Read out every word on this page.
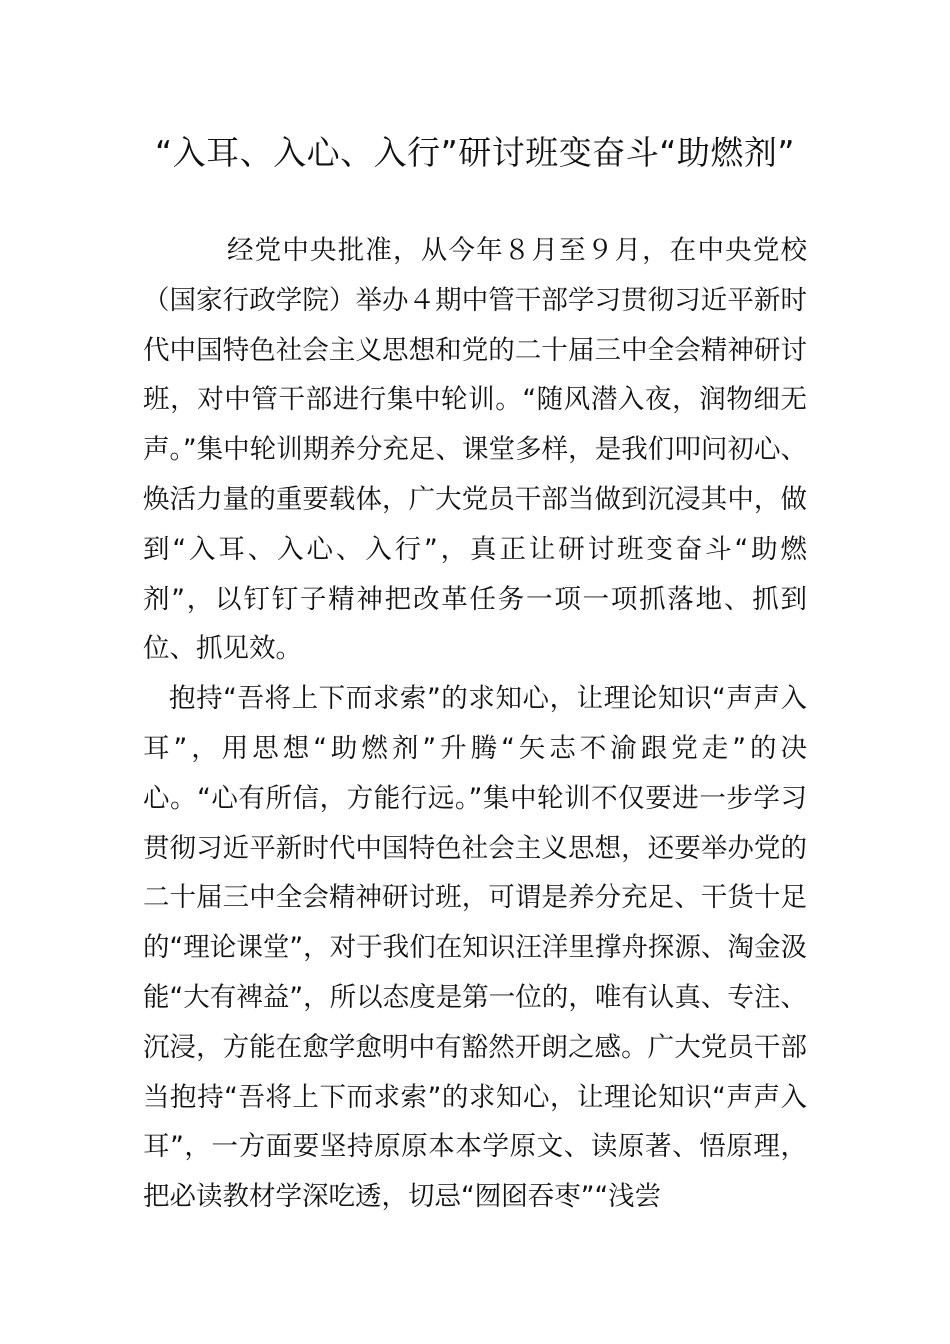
“入耳、入心、入行”研讨班变奋斗“助燃剂”

经党中央批准，从今年８月至９月，在中央党校（国家行政学院）举办４期中管干部学习贯彻习近平新时代中国特色社会主义思想和党的二十届三中全会精神研讨班，对中管干部进行集中轮训。“随风潜入夜，润物细无声。”集中轮训期养分充足、课堂多样，是我们叩问初心、焕活力量的重要载体，广大党员干部当做到沉浸其中，做到“入耳、入心、入行”，真正让研讨班变奋斗“助燃剂”，以钉钉子精神把改革任务一项一项抓落地、抓到位、抓见效。

抱持“吾将上下而求索”的求知心，让理论知识“声声入耳”，用思想“助燃剂”升腾“矢志不渝跟党走”的决心。“心有所信，方能行远。”集中轮训不仅要进一步学习贯彻习近平新时代中国特色社会主义思想，还要举办党的二十届三中全会精神研讨班，可谓是养分充足、干货十足的“理论课堂”，对于我们在知识汪洋里撑舟探源、淘金汲能“大有裨益”，所以态度是第一位的，唯有认真、专注、沉浸，方能在愈学愈明中有豁然开朗之感。广大党员干部当抱持“吾将上下而求索”的求知心，让理论知识“声声入耳”，一方面要坚持原原本本学原文、读原著、悟原理，把必读教材学深吃透，切忌“囫囵吞枣”“浅尝
